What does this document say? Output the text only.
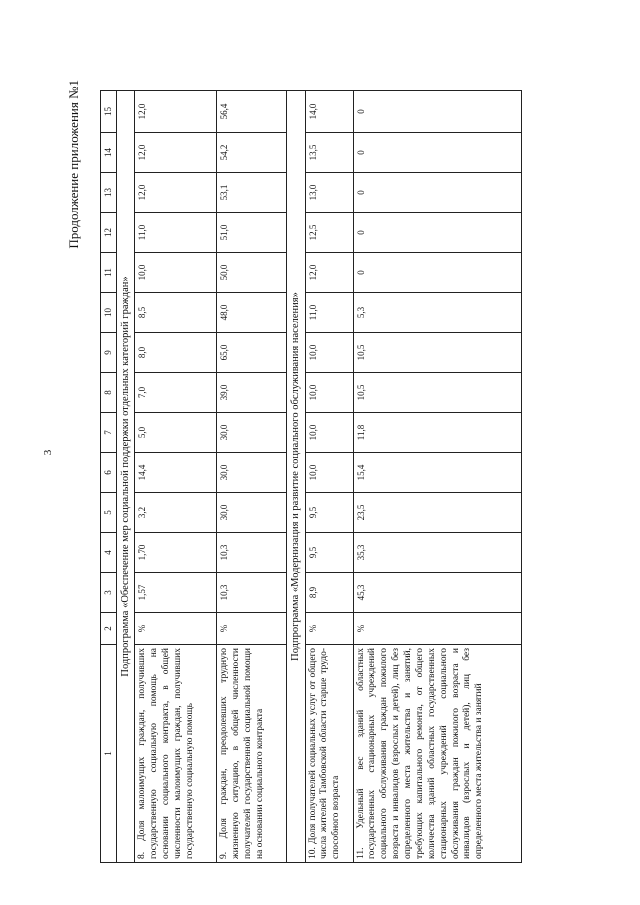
3
Продолжение приложения №1
1	2	3	4	5	6	7	8	9	10	11	12	13	14	15
Подпрограмма «Обеспечение мер социальной поддержки отдельных категорий граждан»														
8. Доля малоимущих граждан, получивших государственную социальную помощь на основании социального контракта, в общей численности малоимущих граждан, получивших государственную социальную помощь	%	1,57	1,70	3,2	14,4	5,0	7,0	8,0	8,5	10,0	11,0	12,0	12,0	12,0
9. Доля граждан, преодолевших трудную жизненную ситуацию, в общей численности получателей государственной социальной помощи на основании социального контракта	%	10,3	10,3	30,0	30,0	30,0	39,0	65,0	48,0	50,0	51,0	53,1	54,2	56,4
Подпрограмма «Модернизация и развитие социального обслуживания населения»														
10. Доля получателей социальных услуг от общего числа жителей Тамбовской области старше трудо-способного возраста	%	8,9	9,5	9,5	10,0	10,0	10,0	10,0	11,0	12,0	12,5	13,0	13,5	14,0
11. Удельный вес зданий областных государственных стационарных учреждений социального обслуживания граждан пожилого возраста и инвалидов (взрослых и детей), лиц без определенного места жительства и занятий, требующих капитального ремонта, от общего количества зданий областных государственных стационарных учреждений социального обслуживания граждан пожилого возраста и инвалидов (взрослых и детей), лиц без определенного места жительства и занятий	%	45,3	35,3	23,5	15,4	11,8	10,5	10,5	5,3	0	0	0	0	0
